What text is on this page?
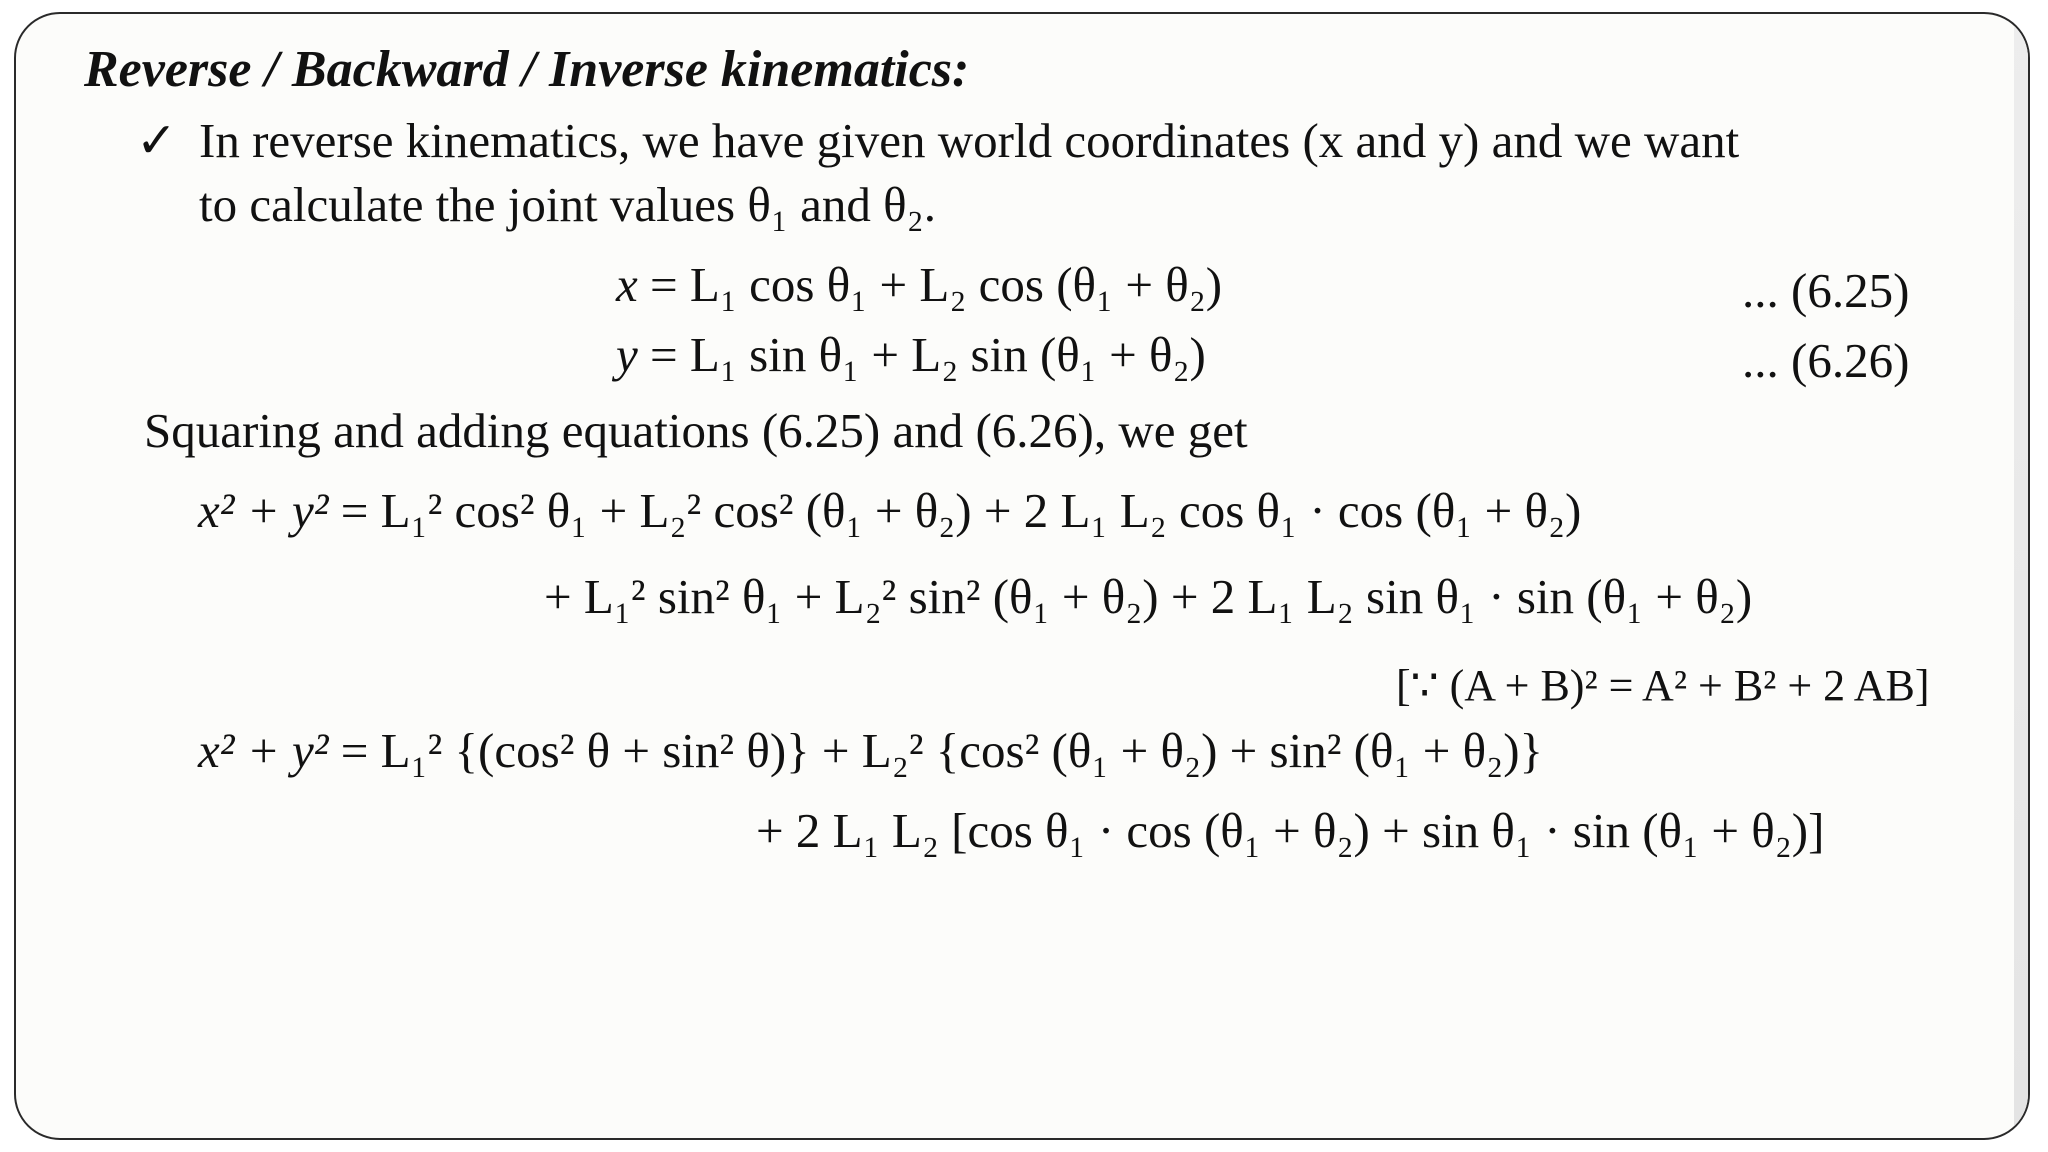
Reverse / Backward / Inverse kinematics:
✓ In reverse kinematics, we have given world coordinates (x and y) and we want
to calculate the joint values θ₁ and θ₂.
x = L₁ cos θ₁ + L₂ cos (θ₁ + θ₂)	... (6.25)
y = L₁ sin θ₁ + L₂ sin (θ₁ + θ₂)	... (6.26)
Squaring and adding equations (6.25) and (6.26), we get
x² + y² = L₁² cos² θ₁ + L₂² cos² (θ₁ + θ₂) + 2 L₁ L₂ cos θ₁ · cos (θ₁ + θ₂)
+ L₁² sin² θ₁ + L₂² sin² (θ₁ + θ₂) + 2 L₁ L₂ sin θ₁ · sin (θ₁ + θ₂)
[∵ (A + B)² = A² + B² + 2 AB]
x² + y² = L₁² {(cos² θ + sin² θ)} + L₂² {cos² (θ₁ + θ₂) + sin² (θ₁ + θ₂)}
+ 2 L₁ L₂ [cos θ₁ · cos (θ₁ + θ₂) + sin θ₁ · sin (θ₁ + θ₂)]
